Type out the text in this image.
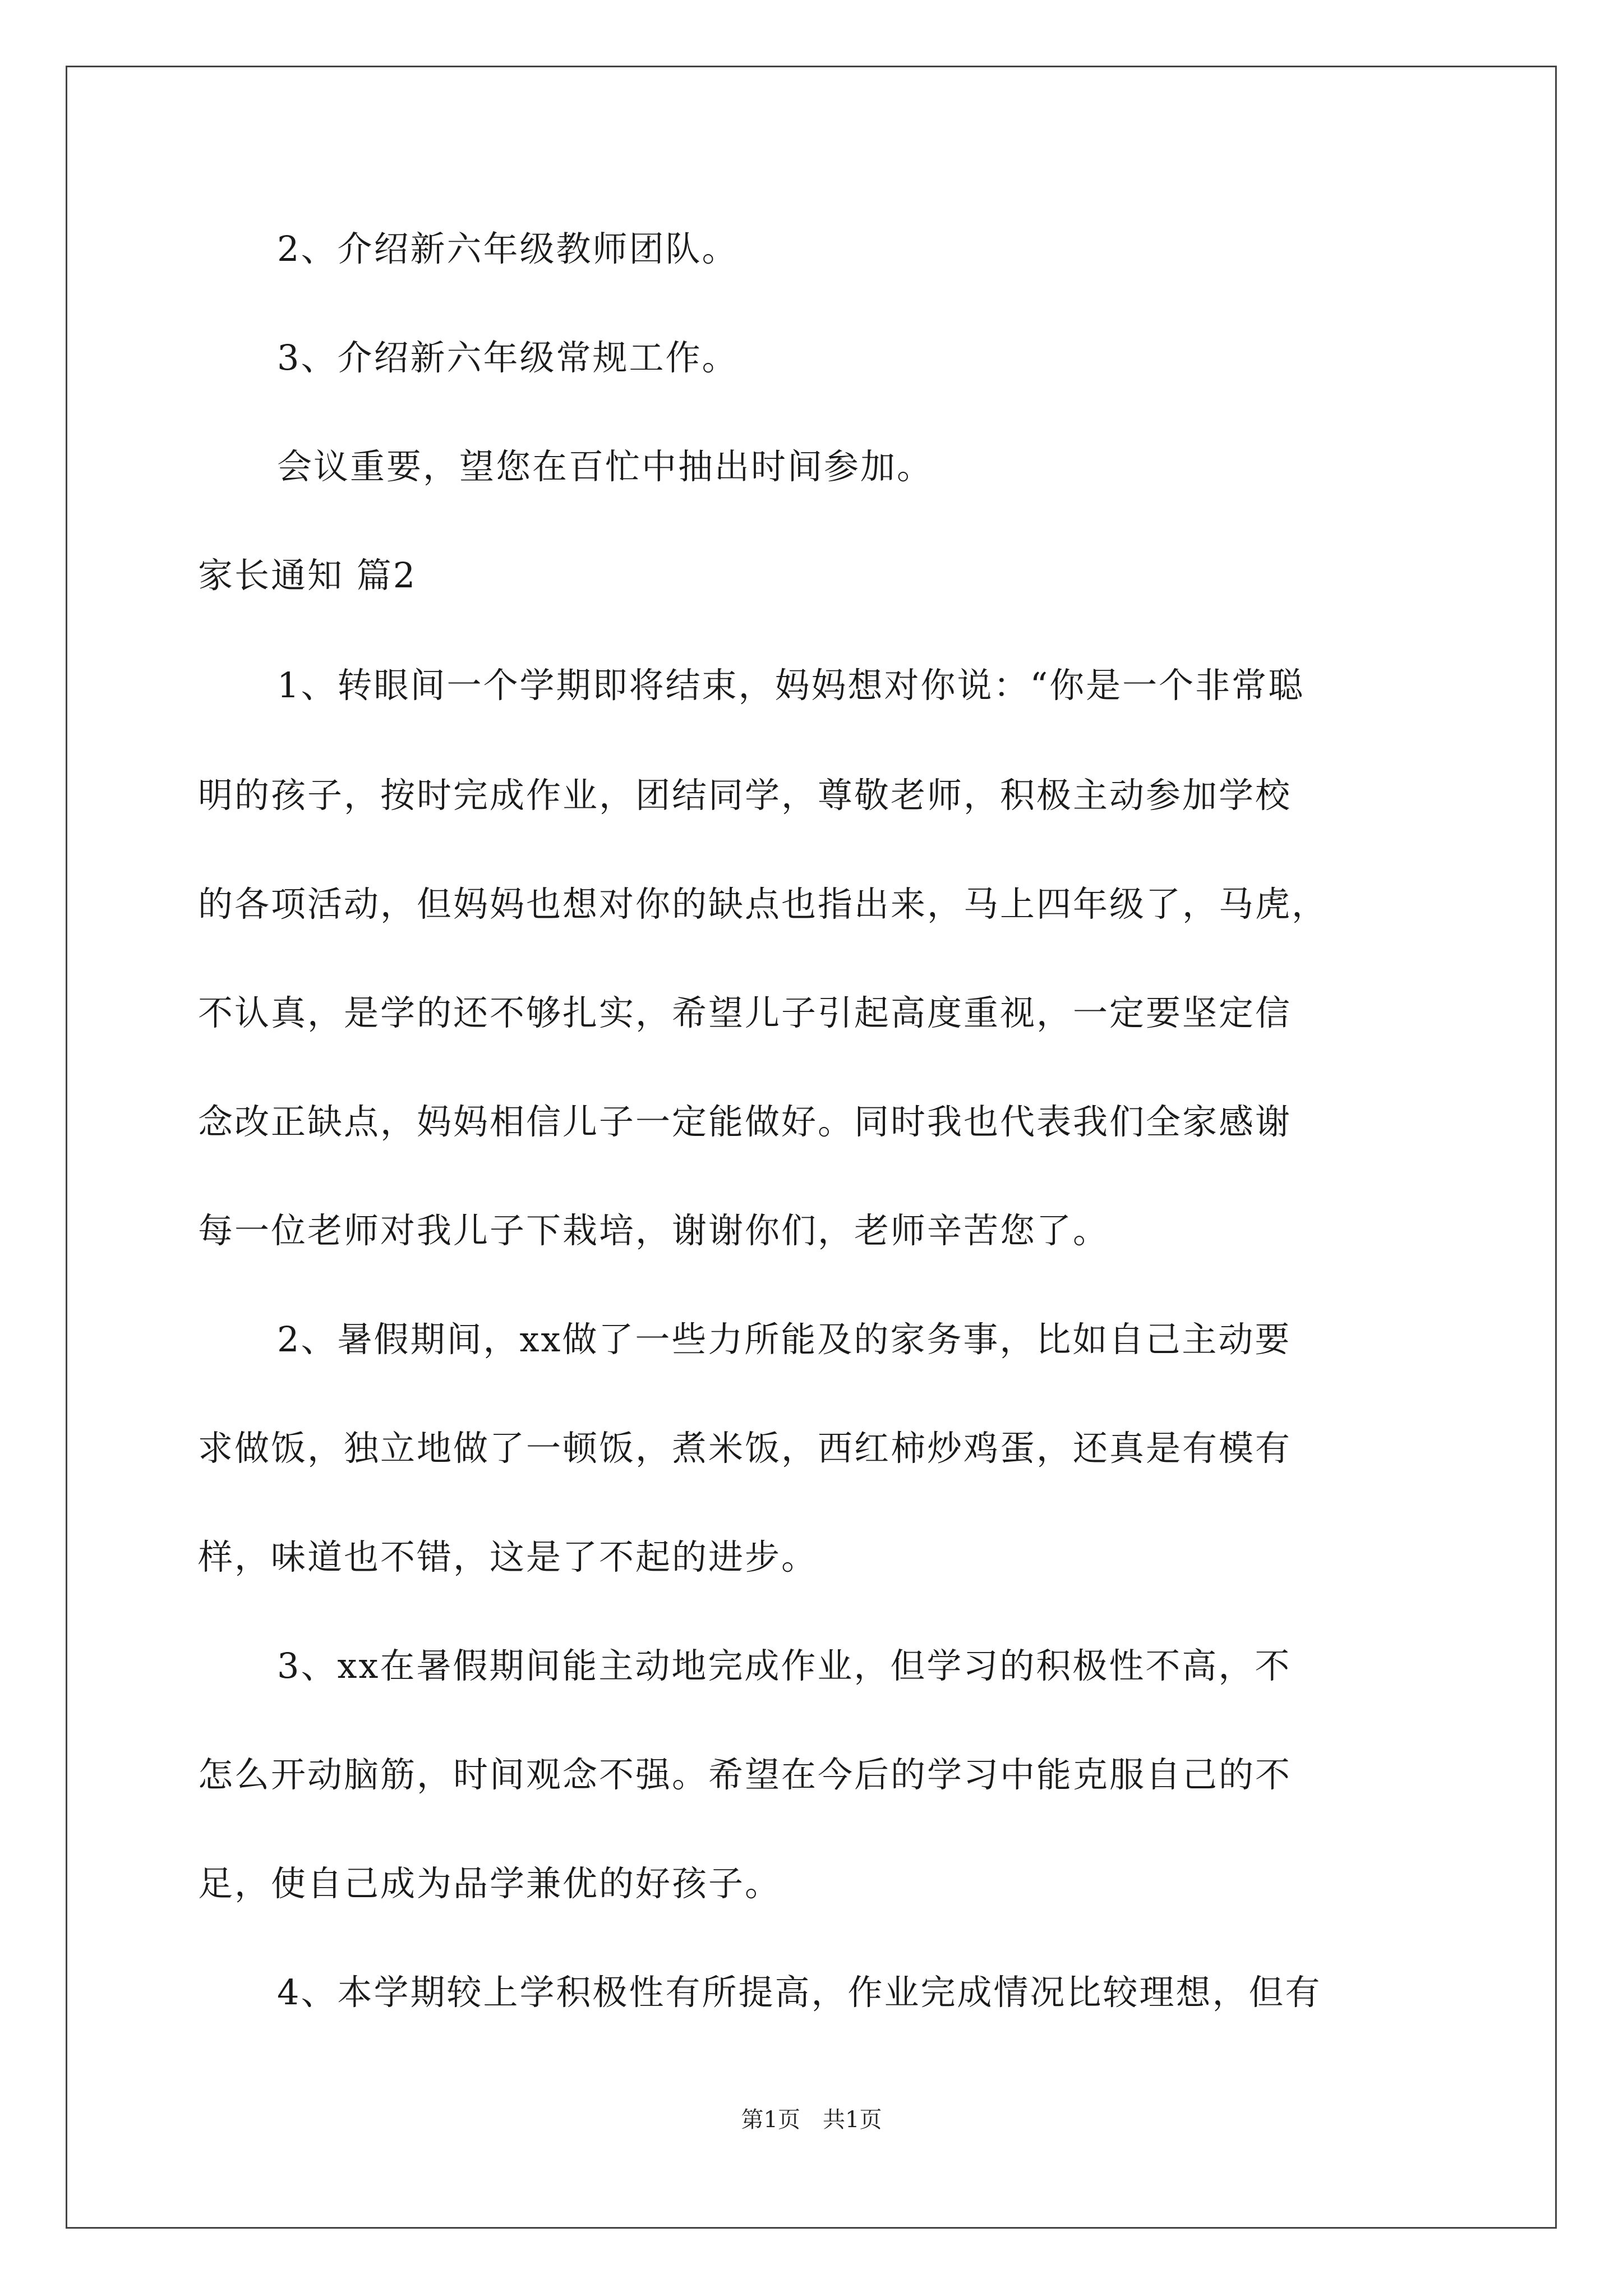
2、介绍新六年级教师团队。
3、介绍新六年级常规工作。
会议重要，望您在百忙中抽出时间参加。
家长通知 篇2
1、转眼间一个学期即将结束，妈妈想对你说：“你是一个非常聪
明的孩子，按时完成作业，团结同学，尊敬老师，积极主动参加学校
的各项活动，但妈妈也想对你的缺点也指出来，马上四年级了，马虎，
不认真，是学的还不够扎实，希望儿子引起高度重视，一定要坚定信
念改正缺点，妈妈相信儿子一定能做好。同时我也代表我们全家感谢
每一位老师对我儿子下栽培，谢谢你们，老师辛苦您了。
2、暑假期间，xx做了一些力所能及的家务事，比如自己主动要
求做饭，独立地做了一顿饭，煮米饭，西红柿炒鸡蛋，还真是有模有
样，味道也不错，这是了不起的进步。
3、xx在暑假期间能主动地完成作业，但学习的积极性不高，不
怎么开动脑筋，时间观念不强。希望在今后的学习中能克服自己的不
足，使自己成为品学兼优的好孩子。
4、本学期较上学积极性有所提高，作业完成情况比较理想，但有
第1页　共1页
